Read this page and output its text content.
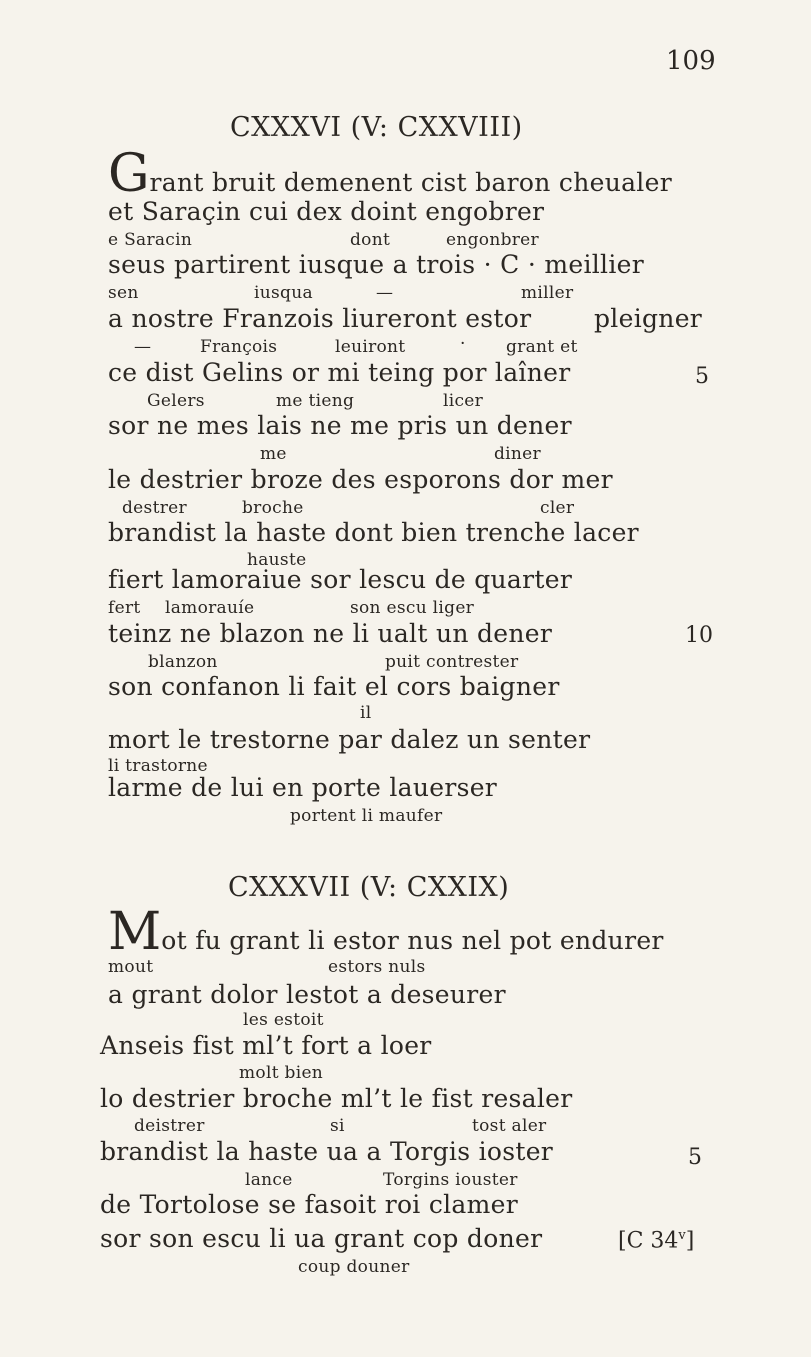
109
CXXXVI (V: CXXVIII)
G rant bruit demenent cist baron cheualer
et Saraçin cui dex doint engobrer
e Saracin	dont	engonbrer
seus partirent iusque a trois · C · meillier
sen	iusqua	—	miller
a nostre Franzois liureront estor	pleigner
—	François	leuiront	· grant et
ce dist Gelins or mi teing por laîner	5
Gelers	me tieng	licer
sor ne mes lais ne me pris un dener
me	diner
le destrier broze des esporons dor mer
destrer	broche	cler
brandist la haste dont bien trenche lacer
hauste
fiert lamoraiue sor lescu de quarter
fert lamorauíe	son escu liger
teinz ne blazon ne li ualt un dener	10
blanzon	puit contrester
son confanon li fait el cors baigner
il
mort le trestorne par dalez un senter
li trastorne
larme de lui en porte lauerser
portent li maufer
CXXXVII (V: CXXIX)
M ot fu grant li estor nus nel pot endurer
mout	estors nuls
a grant dolor lestot a deseurer
les estoit
Anseis fist ml’t fort a loer
molt bien
lo destrier broche ml’t le fist resaler
deistrer	si	tost aler
brandist la haste ua a Torgis ioster	5
lance	Torgins iouster
de Tortolose se fasoit roi clamer
sor son escu li ua grant cop doner	[C 34$^v$]
coup douner
